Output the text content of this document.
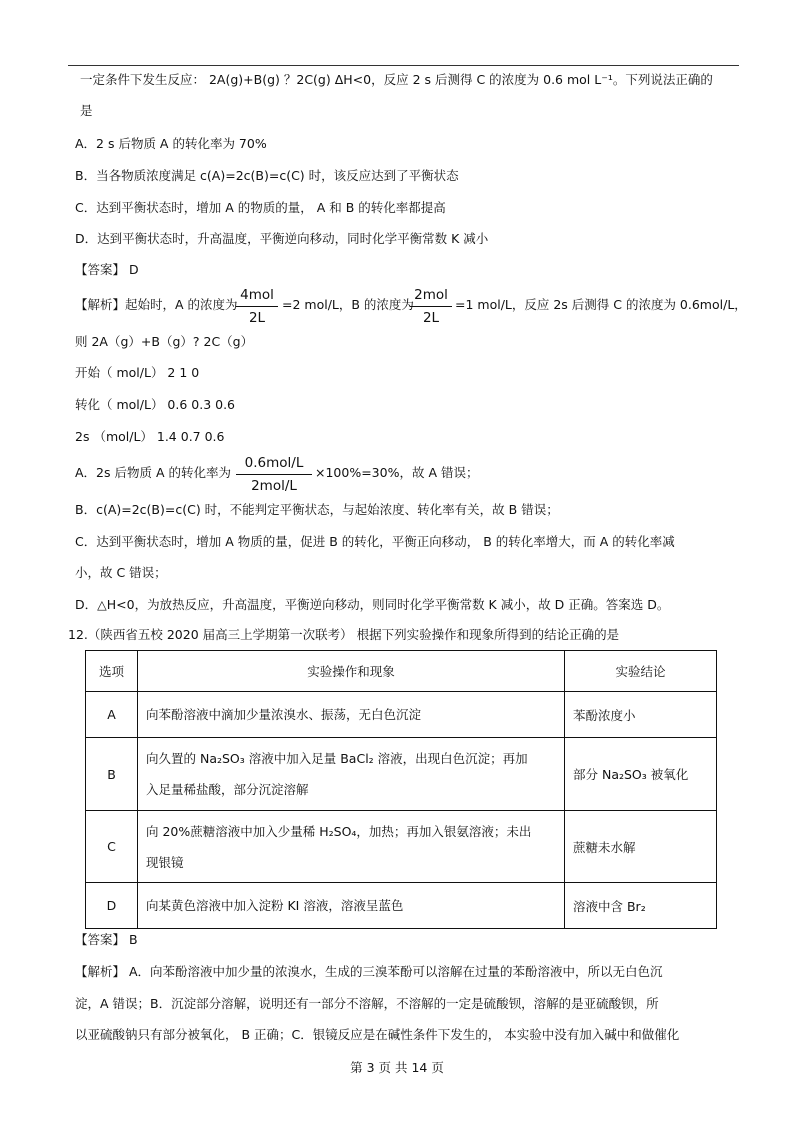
一定条件下发生反应： 2A(g)+B(g) ？2C(g) ΔH<0，反应 2 s 后测得 C 的浓度为 0.6 mol L⁻¹。下列说法正确的
是
A．2 s 后物质 A 的转化率为 70%
B．当各物质浓度满足 c(A)=2c(B)=c(C) 时，该反应达到了平衡状态
C．达到平衡状态时，增加 A 的物质的量， A 和 B 的转化率都提高
D．达到平衡状态时，升高温度，平衡逆向移动，同时化学平衡常数 K 减小
【答案】 D
【解析】起始时，A 的浓度为
4mol
2L
=2 mol/L，B 的浓度为
2mol
2L
=1 mol/L，反应 2s 后测得 C 的浓度为 0.6mol/L，
则 2A（g）+B（g）? 2C（g）
开始（ mol/L） 2 1 0
转化（ mol/L） 0.6 0.3 0.6
2s （mol/L） 1.4 0.7 0.6
A．2s 后物质 A 的转化率为
0.6mol/L
2mol/L
×100%=30%，故 A 错误；
B．c(A)=2c(B)=c(C) 时，不能判定平衡状态，与起始浓度、转化率有关，故 B 错误；
C．达到平衡状态时，增加 A 物质的量，促进 B 的转化，平衡正向移动， B 的转化率增大，而 A 的转化率减
小，故 C 错误；
D．△H<0，为放热反应，升高温度，平衡逆向移动，则同时化学平衡常数 K 减小，故 D 正确。答案选 D。
12.（陕西省五校 2020 届高三上学期第一次联考） 根据下列实验操作和现象所得到的结论正确的是
选项	实验操作和现象	实验结论
A	向苯酚溶液中滴加少量浓溴水、振荡，无白色沉淀	苯酚浓度小
B	向久置的 Na₂SO₃ 溶液中加入足量 BaCl₂ 溶液，出现白色沉淀；再加
入足量稀盐酸，部分沉淀溶解	部分 Na₂SO₃ 被氧化
C	向 20%蔗糖溶液中加入少量稀 H₂SO₄，加热；再加入银氨溶液；未出
现银镜	蔗糖未水解
D	向某黄色溶液中加入淀粉 KI 溶液，溶液呈蓝色	溶液中含 Br₂
【答案】 B
【解析】 A．向苯酚溶液中加少量的浓溴水，生成的三溴苯酚可以溶解在过量的苯酚溶液中，所以无白色沉
淀，A 错误；B．沉淀部分溶解，说明还有一部分不溶解，不溶解的一定是硫酸钡，溶解的是亚硫酸钡，所
以亚硫酸钠只有部分被氧化， B 正确；C．银镜反应是在碱性条件下发生的， 本实验中没有加入碱中和做催化
第 3 页 共 14 页
